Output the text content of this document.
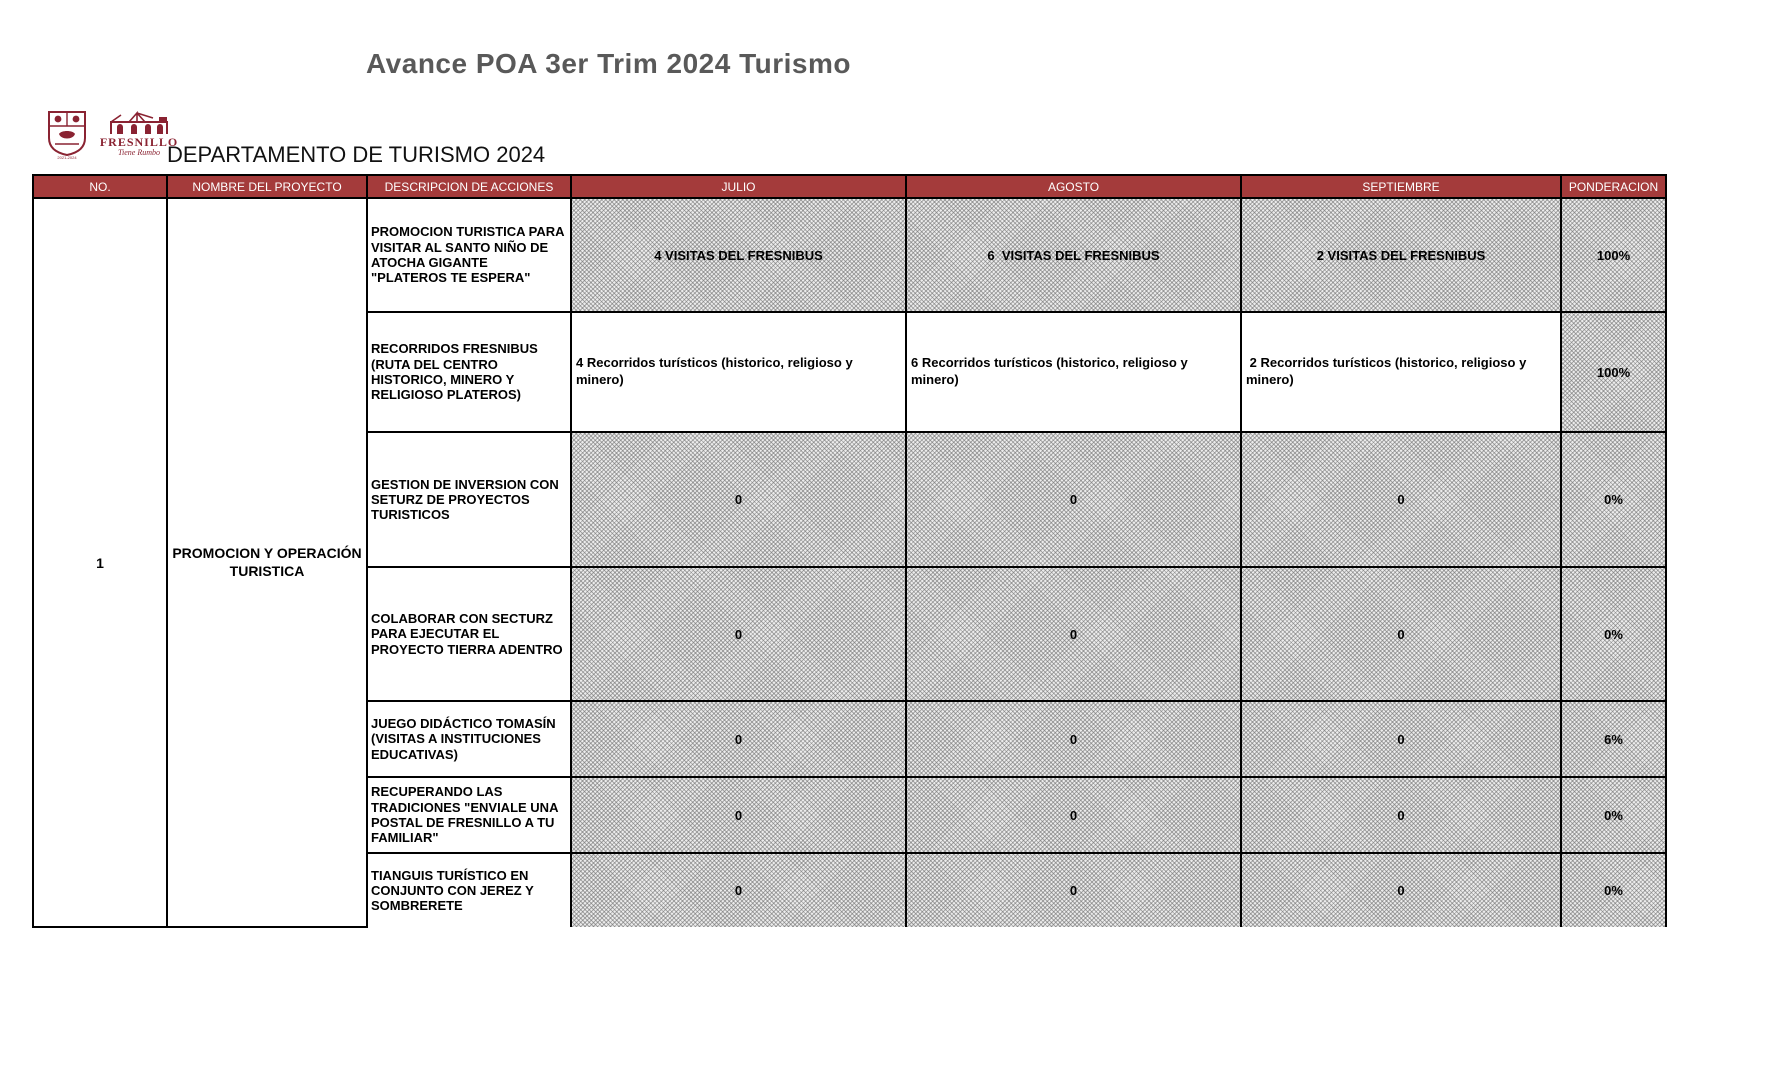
Avance POA 3er Trim 2024 Turismo
2021-2024
FRESNILLO
Tiene Rumbo DEPARTAMENTO DE TURISMO 2024
NO.	NOMBRE DEL PROYECTO	DESCRIPCION DE ACCIONES	JULIO	AGOSTO	SEPTIEMBRE	PONDERACION
1	PROMOCION Y OPERACIÓN TURISTICA	PROMOCION TURISTICA PARA VISITAR AL SANTO NIÑO DE ATOCHA GIGANTE "PLATEROS TE ESPERA"	4 VISITAS DEL FRESNIBUS	6  VISITAS DEL FRESNIBUS	2 VISITAS DEL FRESNIBUS	100%
		RECORRIDOS FRESNIBUS (RUTA DEL CENTRO HISTORICO, MINERO Y RELIGIOSO PLATEROS)	4 Recorridos turísticos (historico, religioso y minero)	6 Recorridos turísticos (historico, religioso y minero)	2 Recorridos turísticos (historico, religioso y minero)	100%
		GESTION DE INVERSION CON SETURZ DE PROYECTOS TURISTICOS	0	0	0	0%
		COLABORAR CON SECTURZ PARA EJECUTAR EL PROYECTO TIERRA ADENTRO	0	0	0	0%
		JUEGO DIDÁCTICO TOMASÍN (VISITAS A INSTITUCIONES EDUCATIVAS)	0	0	0	6%
		RECUPERANDO LAS TRADICIONES "ENVIALE UNA POSTAL DE FRESNILLO A TU FAMILIAR"	0	0	0	0%
		TIANGUIS TURÍSTICO EN CONJUNTO CON JEREZ Y SOMBRERETE	0	0	0	0%
